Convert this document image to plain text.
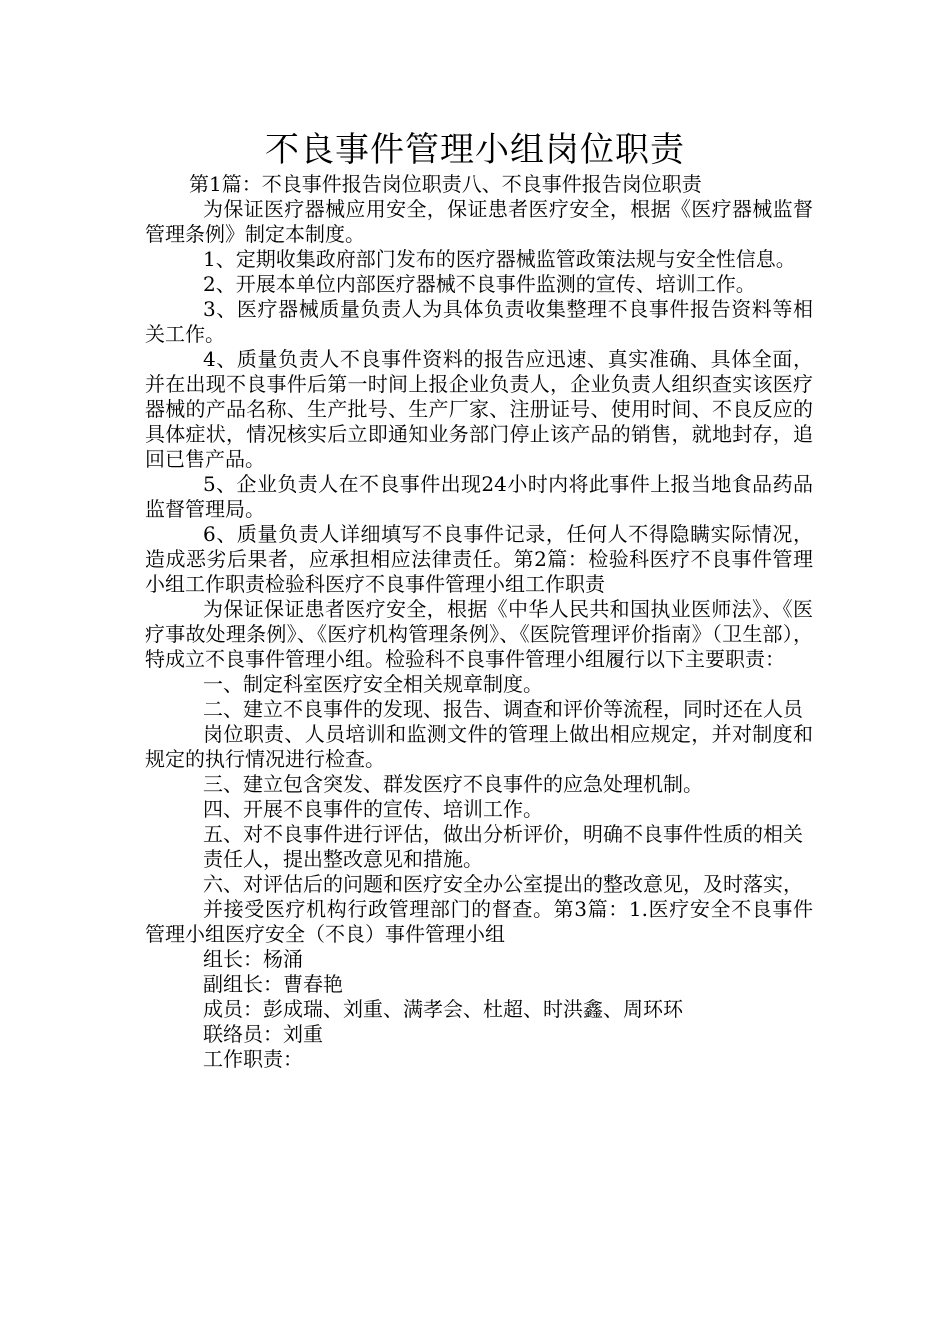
不良事件管理小组岗位职责

第1篇：不良事件报告岗位职责八、不良事件报告岗位职责

为保证医疗器械应用安全，保证患者医疗安全，根据《医疗器械监督管理条例》制定本制度。

1、定期收集政府部门发布的医疗器械监管政策法规与安全性信息。

2、开展本单位内部医疗器械不良事件监测的宣传、培训工作。

3、医疗器械质量负责人为具体负责收集整理不良事件报告资料等相关工作。

4、质量负责人不良事件资料的报告应迅速、真实准确、具体全面，并在出现不良事件后第一时间上报企业负责人，企业负责人组织查实该医疗器械的产品名称、生产批号、生产厂家、注册证号、使用时间、不良反应的具体症状，情况核实后立即通知业务部门停止该产品的销售，就地封存，追回已售产品。

5、企业负责人在不良事件出现24小时内将此事件上报当地食品药品监督管理局。

6、质量负责人详细填写不良事件记录，任何人不得隐瞒实际情况，造成恶劣后果者，应承担相应法律责任。第2篇：检验科医疗不良事件管理小组工作职责检验科医疗不良事件管理小组工作职责

为保证保证患者医疗安全，根据《中华人民共和国执业医师法》、《医疗事故处理条例》、《医疗机构管理条例》、《医院管理评价指南》（卫生部），特成立不良事件管理小组。检验科不良事件管理小组履行以下主要职责：

一、制定科室医疗安全相关规章制度。

二、建立不良事件的发现、报告、调查和评价等流程，同时还在人员

岗位职责、人员培训和监测文件的管理上做出相应规定，并对制度和规定的执行情况进行检查。

三、建立包含突发、群发医疗不良事件的应急处理机制。

四、开展不良事件的宣传、培训工作。

五、对不良事件进行评估，做出分析评价，明确不良事件性质的相关

责任人，提出整改意见和措施。

六、对评估后的问题和医疗安全办公室提出的整改意见，及时落实，

并接受医疗机构行政管理部门的督查。第3篇：1.医疗安全不良事件管理小组医疗安全（不良）事件管理小组

组长：杨涌

副组长：曹春艳

成员：彭成瑞、刘重、满孝会、杜超、时洪鑫、周环环

联络员：刘重

工作职责：
